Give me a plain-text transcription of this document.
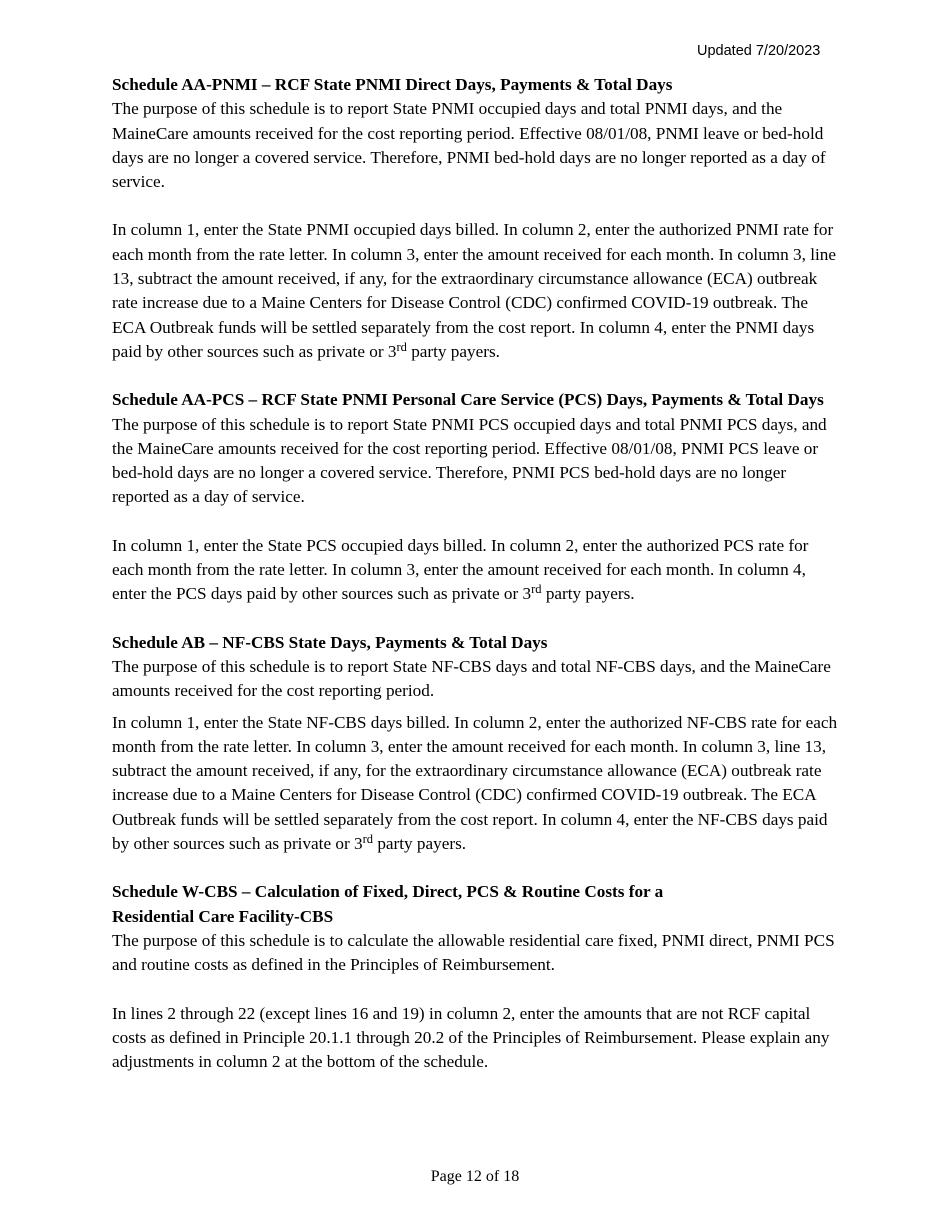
Updated 7/20/2023

Schedule AA-PNMI – RCF State PNMI Direct Days, Payments & Total Days

The purpose of this schedule is to report State PNMI occupied days and total PNMI days, and the MaineCare amounts received for the cost reporting period. Effective 08/01/08, PNMI leave or bed-hold days are no longer a covered service. Therefore, PNMI bed-hold days are no longer reported as a day of service.

In column 1, enter the State PNMI occupied days billed. In column 2, enter the authorized PNMI rate for each month from the rate letter. In column 3, enter the amount received for each month. In column 3, line 13, subtract the amount received, if any, for the extraordinary circumstance allowance (ECA) outbreak rate increase due to a Maine Centers for Disease Control (CDC) confirmed COVID-19 outbreak. The ECA Outbreak funds will be settled separately from the cost report. In column 4, enter the PNMI days paid by other sources such as private or 3rd party payers.

Schedule AA-PCS – RCF State PNMI Personal Care Service (PCS) Days, Payments & Total Days

The purpose of this schedule is to report State PNMI PCS occupied days and total PNMI PCS days, and the MaineCare amounts received for the cost reporting period. Effective 08/01/08, PNMI PCS leave or bed-hold days are no longer a covered service. Therefore, PNMI PCS bed-hold days are no longer reported as a day of service.

In column 1, enter the State PCS occupied days billed. In column 2, enter the authorized PCS rate for each month from the rate letter. In column 3, enter the amount received for each month. In column 4, enter the PCS days paid by other sources such as private or 3rd party payers.

Schedule AB – NF-CBS State Days, Payments & Total Days

The purpose of this schedule is to report State NF-CBS days and total NF-CBS days, and the MaineCare amounts received for the cost reporting period.

In column 1, enter the State NF-CBS days billed. In column 2, enter the authorized NF-CBS rate for each month from the rate letter. In column 3, enter the amount received for each month. In column 3, line 13, subtract the amount received, if any, for the extraordinary circumstance allowance (ECA) outbreak rate increase due to a Maine Centers for Disease Control (CDC) confirmed COVID-19 outbreak. The ECA Outbreak funds will be settled separately from the cost report. In column 4, enter the NF-CBS days paid by other sources such as private or 3rd party payers.

Schedule W-CBS – Calculation of Fixed, Direct, PCS & Routine Costs for a
Residential Care Facility-CBS

The purpose of this schedule is to calculate the allowable residential care fixed, PNMI direct, PNMI PCS and routine costs as defined in the Principles of Reimbursement.

In lines 2 through 22 (except lines 16 and 19) in column 2, enter the amounts that are not RCF capital costs as defined in Principle 20.1.1 through 20.2 of the Principles of Reimbursement. Please explain any adjustments in column 2 at the bottom of the schedule.

Page 12 of 18
